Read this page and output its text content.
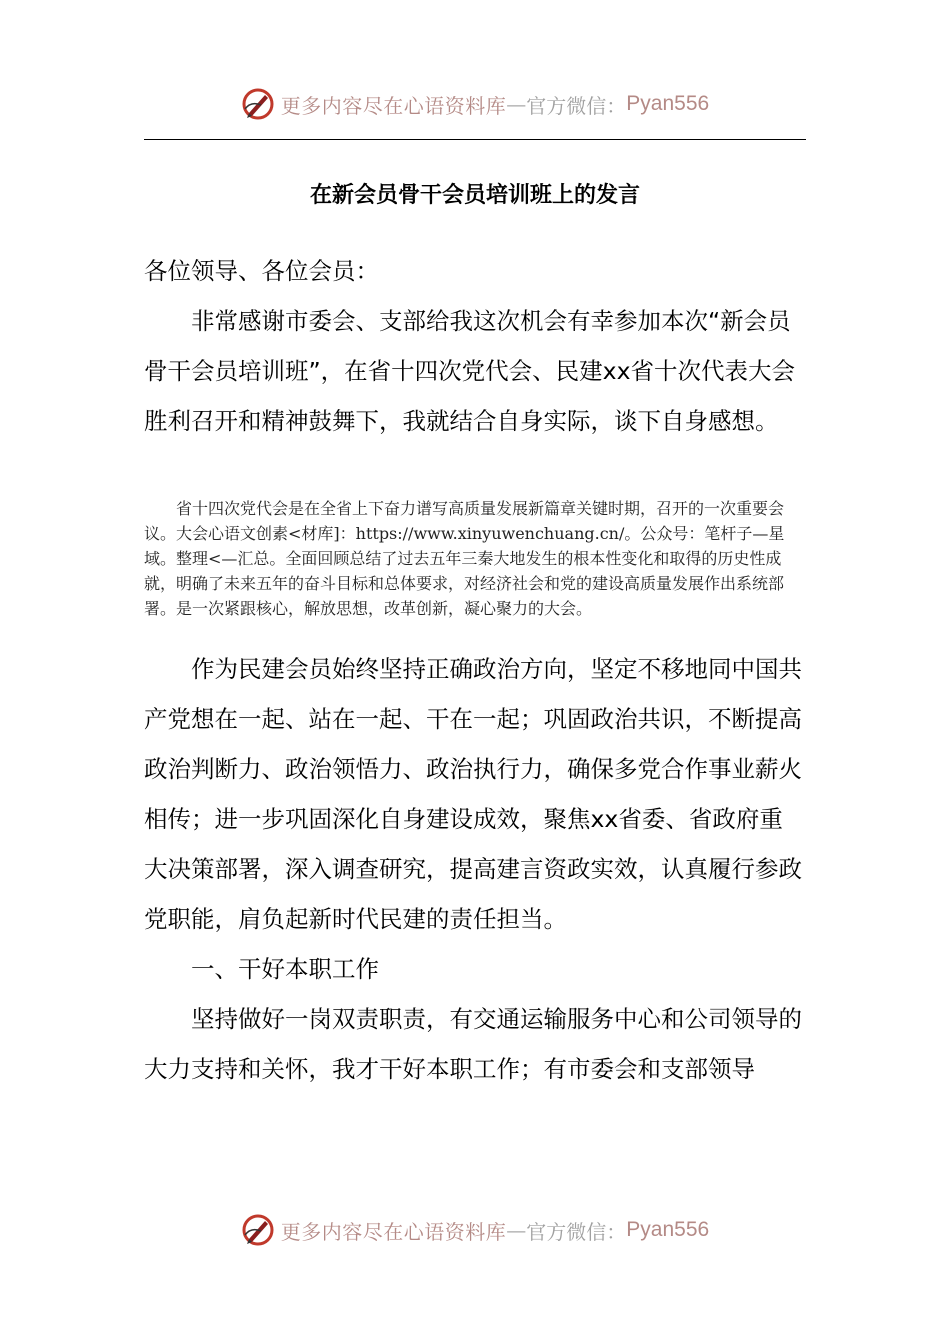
更多内容尽在心语资料库 — 官方微信： Pyan556
在新会员骨干会员培训班上的发言

各位领导、各位会员：

非常感谢市委会、支部给我这次机会有幸参加本次“新会员骨干会员培训班”，在省十四次党代会、民建xx省十次代表大会胜利召开和精神鼓舞下，我就结合自身实际，谈下自身感想。

省十四次党代会是在全省上下奋力谱写高质量发展新篇章关键时期，召开的一次重要会议。大会心语文创素<材库]：https://www.xinyuwenchuang.cn/。公众号：笔杆子—星域。整理<—汇总。全面回顾总结了过去五年三秦大地发生的根本性变化和取得的历史性成就，明确了未来五年的奋斗目标和总体要求，对经济社会和党的建设高质量发展作出系统部署。是一次紧跟核心，解放思想，改革创新，凝心聚力的大会。

作为民建会员始终坚持正确政治方向，坚定不移地同中国共产党想在一起、站在一起、干在一起；巩固政治共识，不断提高政治判断力、政治领悟力、政治执行力，确保多党合作事业薪火相传；进一步巩固深化自身建设成效，聚焦xx省委、省政府重大决策部署，深入调查研究，提高建言资政实效，认真履行参政党职能，肩负起新时代民建的责任担当。

一、干好本职工作

坚持做好一岗双责职责，有交通运输服务中心和公司领导的大力支持和关怀，我才干好本职工作；有市委会和支部领导

更多内容尽在心语资料库 — 官方微信： Pyan556
